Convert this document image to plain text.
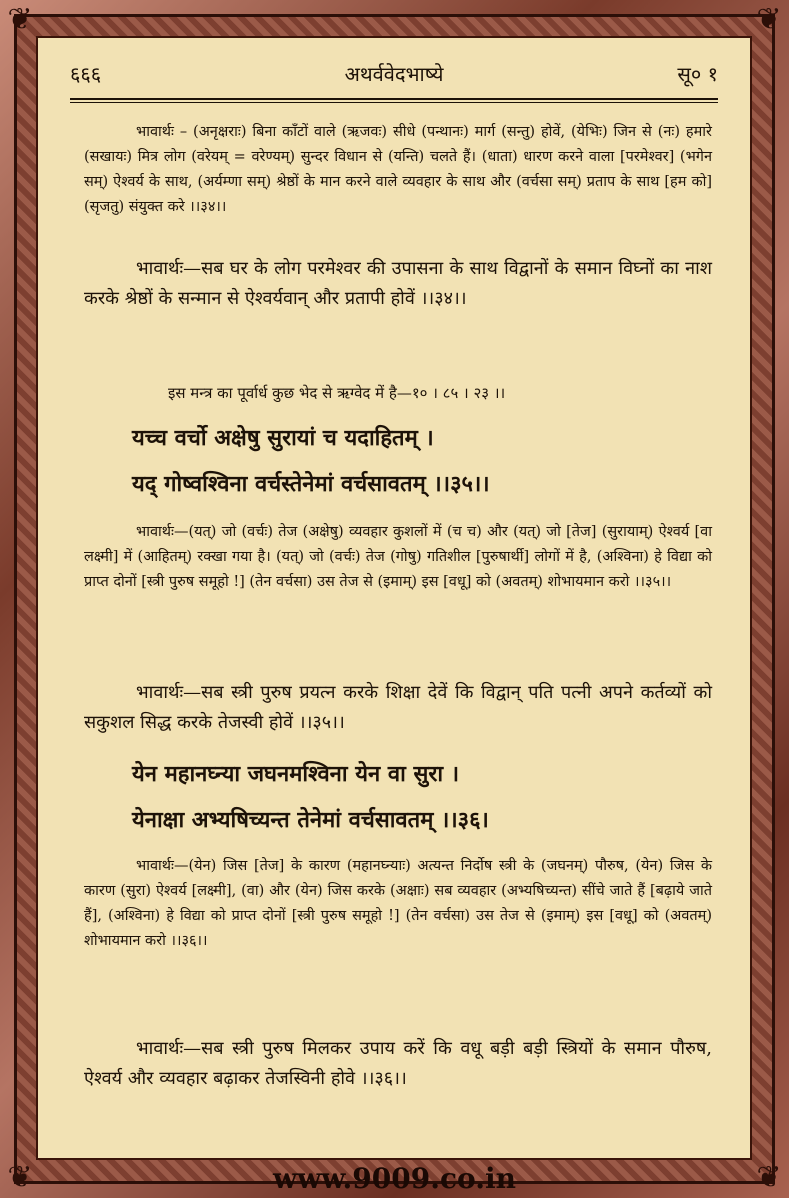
❦	❦
❦	❦
६६६	अथर्ववेदभाष्ये	सू० १

भावार्थः – (अनृक्षराः) बिना काँटों वाले (ऋजवः) सीधे (पन्थानः) मार्ग (सन्तु) होवें, (येभिः) जिन से (नः) हमारे (सखायः) मित्र लोग (वरेयम् = वरेण्यम्) सुन्दर विधान से (यन्ति) चलते हैं। (धाता) धारण करने वाला [परमेश्वर] (भगेन सम्) ऐश्वर्य के साथ, (अर्यम्णा सम्) श्रेष्ठों के मान करने वाले व्यवहार के साथ और (वर्चसा सम्) प्रताप के साथ [हम को] (सृजतु) संयुक्त करे ।।३४।।

भावार्थः—सब घर के लोग परमेश्वर की उपासना के साथ विद्वानों के समान विघ्नों का नाश करके श्रेष्ठों के सन्मान से ऐश्वर्यवान् और प्रतापी होवें ।।३४।।

इस मन्त्र का पूर्वार्ध कुछ भेद से ऋग्वेद में है—१० । ८५ । २३ ।।
यच्च वर्चो अक्षेषु सुरायां च यदाहितम् ।
यद् गोष्वश्विना वर्चस्तेनेमां वर्चसावतम् ।।३५।।

भावार्थः—(यत्) जो (वर्चः) तेज (अक्षेषु) व्यवहार कुशलों में (च च) और (यत्) जो [तेज] (सुरायाम्) ऐश्वर्य [वा लक्ष्मी] में (आहितम्) रक्खा गया है। (यत्) जो (वर्चः) तेज (गोषु) गतिशील [पुरुषार्थी] लोगों में है, (अश्विना) हे विद्या को प्राप्त दोनों [स्त्री पुरुष समूहो !] (तेन वर्चसा) उस तेज से (इमाम्) इस [वधू] को (अवतम्) शोभायमान करो ।।३५।।

भावार्थः—सब स्त्री पुरुष प्रयत्न करके शिक्षा देवें कि विद्वान् पति पत्नी अपने कर्तव्यों को सकुशल सिद्ध करके तेजस्वी होवें ।।३५।।

येन महानघ्न्या जघनमश्विना येन वा सुरा ।
येनाक्षा अभ्यषिच्यन्त तेनेमां वर्चसावतम् ।।३६।

भावार्थः—(येन) जिस [तेज] के कारण (महानघ्न्याः) अत्यन्त निर्दोष स्त्री के (जघनम्) पौरुष, (येन) जिस के कारण (सुरा) ऐश्वर्य [लक्ष्मी], (वा) और (येन) जिस करके (अक्षाः) सब व्यवहार (अभ्यषिच्यन्त) सींचे जाते हैं [बढ़ाये जाते हैं], (अश्विना) हे विद्या को प्राप्त दोनों [स्त्री पुरुष समूहो !] (तेन वर्चसा) उस तेज से (इमाम्) इस [वधू] को (अवतम्) शोभायमान करो ।।३६।।

भावार्थः—सब स्त्री पुरुष मिलकर उपाय करें कि वधू बड़ी बड़ी स्त्रियों के समान पौरुष, ऐश्वर्य और व्यवहार बढ़ाकर तेजस्विनी होवे ।।३६।।

www.9009.co.in
